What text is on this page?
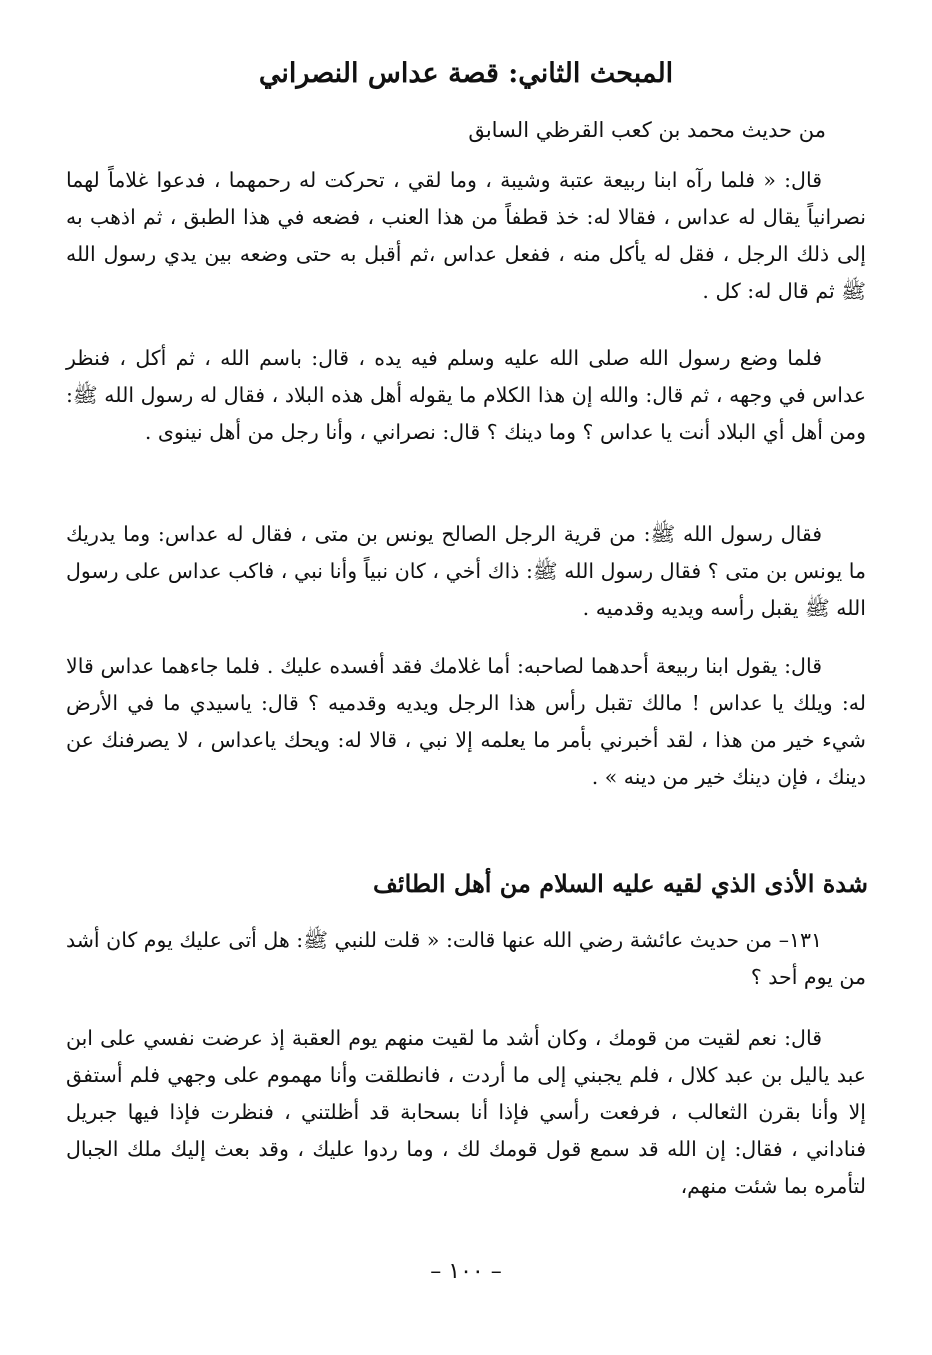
المبحث الثاني: قصة عداس النصراني

من حديث محمد بن كعب القرظي السابق

قال: « فلما رآه ابنا ربيعة عتبة وشيبة ، وما لقي ، تحركت له رحمهما ، فدعوا غلاماً لهما نصرانياً يقال له عداس ، فقالا له: خذ قطفاً من هذا العنب ، فضعه في هذا الطبق ، ثم اذهب به إلى ذلك الرجل ، فقل له يأكل منه ، ففعل عداس ،ثم أقبل به حتى وضعه بين يدي رسول الله ﷺ ثم قال له: كل .

فلما وضع رسول الله صلى الله عليه وسلم فيه يده ، قال: باسم الله ، ثم أكل ، فنظر عداس في وجهه ، ثم قال: والله إن هذا الكلام ما يقوله أهل هذه البلاد ، فقال له رسول الله ﷺ: ومن أهل أي البلاد أنت يا عداس ؟ وما دينك ؟ قال: نصراني ، وأنا رجل من أهل نينوى .

فقال رسول الله ﷺ: من قرية الرجل الصالح يونس بن متى ، فقال له عداس: وما يدريك ما يونس بن متى ؟ فقال رسول الله ﷺ: ذاك أخي ، كان نبياً وأنا نبي ، فاكب عداس على رسول الله ﷺ يقبل رأسه ويديه وقدميه .

قال: يقول ابنا ربيعة أحدهما لصاحبه: أما غلامك فقد أفسده عليك . فلما جاءهما عداس قالا له: ويلك يا عداس ! مالك تقبل رأس هذا الرجل ويديه وقدميه ؟ قال: ياسيدي ما في الأرض شيء خير من هذا ، لقد أخبرني بأمر ما يعلمه إلا نبي ، قالا له: ويحك ياعداس ، لا يصرفنك عن دينك ، فإن دينك خير من دينه » .

شدة الأذى الذي لقيه عليه السلام من أهل الطائف

١٣١– من حديث عائشة رضي الله عنها قالت: « قلت للنبي ﷺ: هل أتى عليك يوم كان أشد من يوم أحد ؟

قال: نعم لقيت من قومك ، وكان أشد ما لقيت منهم يوم العقبة إذ عرضت نفسي على ابن عبد ياليل بن عبد كلال ، فلم يجبني إلى ما أردت ، فانطلقت وأنا مهموم على وجهي فلم أستفق إلا وأنا بقرن الثعالب ، فرفعت رأسي فإذا أنا بسحابة قد أظلتني ، فنظرت فإذا فيها جبريل فناداني ، فقال: إن الله قد سمع قول قومك لك ، وما ردوا عليك ، وقد بعث إليك ملك الجبال لتأمره بما شئت منهم،

– ١٠٠ –
